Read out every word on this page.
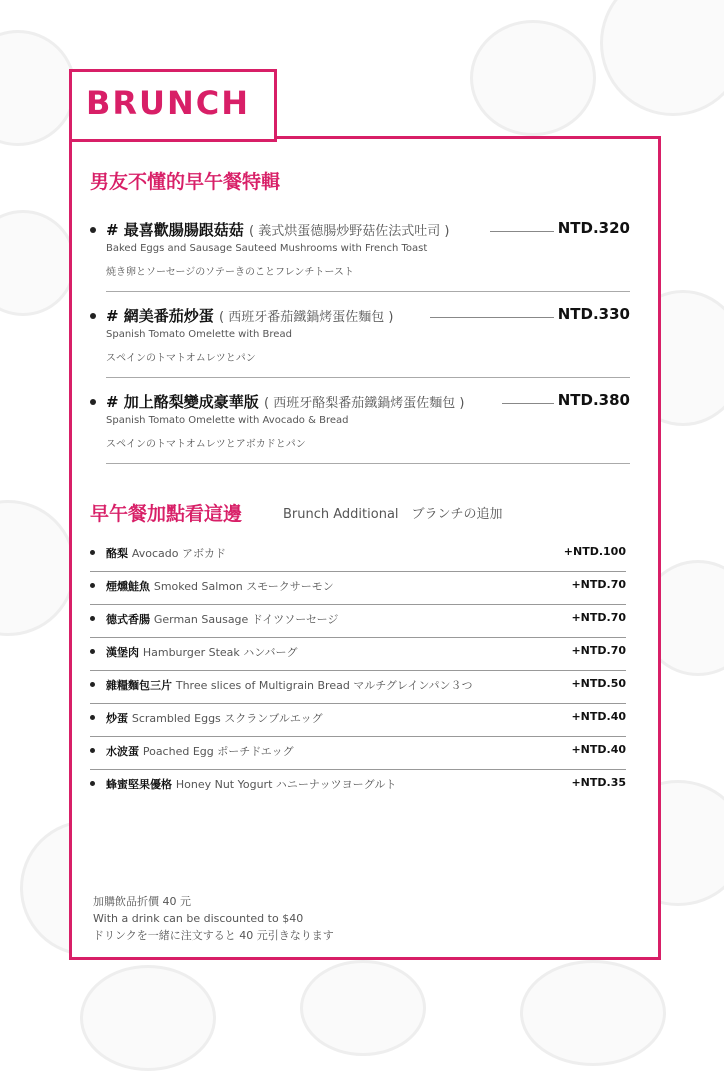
BRUNCH
男友不懂的早午餐特輯
# 最喜歡腸腸跟菇菇 ( 義式烘蛋德腸炒野菇佐法式吐司 )	NTD.320
Baked Eggs and Sausage Sauteed Mushrooms with French Toast
焼き卵とソーセージのソテーきのことフレンチトースト
# 網美番茄炒蛋 ( 西班牙番茄鐵鍋烤蛋佐麵包 )	NTD.330
Spanish Tomato Omelette with Bread
スペインのトマトオムレツとパン
# 加上酪梨變成豪華版 ( 西班牙酪梨番茄鐵鍋烤蛋佐麵包 )	NTD.380
Spanish Tomato Omelette with Avocado & Bread
スペインのトマトオムレツとアボカドとパン
早午餐加點看這邊	Brunch Additional　ブランチの追加
酪梨 Avocado アボカド	+NTD.100
煙燻鮭魚 Smoked Salmon スモークサーモン	+NTD.70
德式香腸 German Sausage ドイツソーセージ	+NTD.70
漢堡肉 Hamburger Steak ハンバーグ	+NTD.70
雜糧麵包三片 Three slices of Multigrain Bread マルチグレインパン３つ	+NTD.50
炒蛋 Scrambled Eggs スクランブルエッグ	+NTD.40
水波蛋 Poached Egg ポーチドエッグ	+NTD.40
蜂蜜堅果優格 Honey Nut Yogurt ハニーナッツヨーグルト	+NTD.35
加購飲品折價 40 元
With a drink can be discounted to $40
ドリンクを一緒に注文すると 40 元引きなります
